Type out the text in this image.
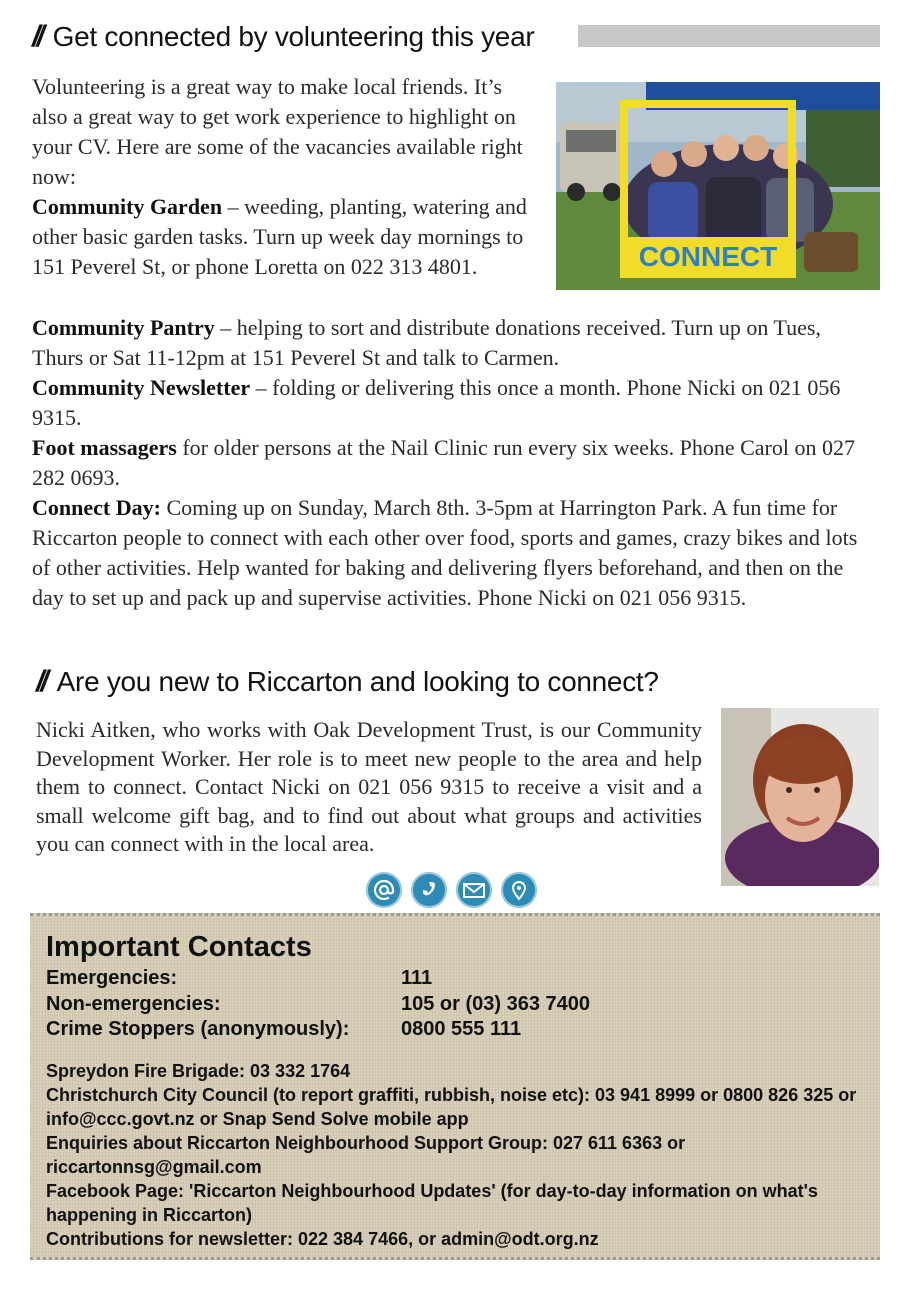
// Get connected by volunteering this year
CONNECT

Volunteering is a great way to make local friends. It’s also a great way to get work experience to highlight on your CV. Here are some of the vacancies available right now:

Community Garden – weeding, planting, watering and other basic garden tasks. Turn up week day mornings to 151 Peverel St, or phone Loretta on 022 313 4801.

Community Pantry – helping to sort and distribute donations received. Turn up on Tues, Thurs or Sat 11-12pm at 151 Peverel St and talk to Carmen.

Community Newsletter – folding or delivering this once a month. Phone Nicki on 021 056 9315.

Foot massagers for older persons at the Nail Clinic run every six weeks. Phone Carol on 027 282 0693.

Connect Day: Coming up on Sunday, March 8th. 3-5pm at Harrington Park. A fun time for Riccarton people to connect with each other over food, sports and games, crazy bikes and lots of other activities. Help wanted for baking and delivering flyers beforehand, and then on the day to set up and pack up and supervise activities. Phone Nicki on 021 056 9315.

// Are you new to Riccarton and looking to connect?

Nicki Aitken, who works with Oak Development Trust, is our Community Development Worker. Her role is to meet new people to the area and help them to connect. Contact Nicki on 021 056 9315 to receive a visit and a small welcome gift bag, and to find out about what groups and activities you can connect with in the local area.

Important Contacts
Emergencies:	111
Non-emergencies:	105 or (03) 363 7400
Crime Stoppers (anonymously):	0800 555 111

Spreydon Fire Brigade: 03 332 1764

Christchurch City Council (to report graffiti, rubbish, noise etc): 03 941 8999 or 0800 826 325 or info@ccc.govt.nz or Snap Send Solve mobile app

Enquiries about Riccarton Neighbourhood Support Group: 027 611 6363 or riccartonnsg@gmail.com

Facebook Page: 'Riccarton Neighbourhood Updates' (for day-to-day information on what's happening in Riccarton)

Contributions for newsletter: 022 384 7466, or admin@odt.org.nz
